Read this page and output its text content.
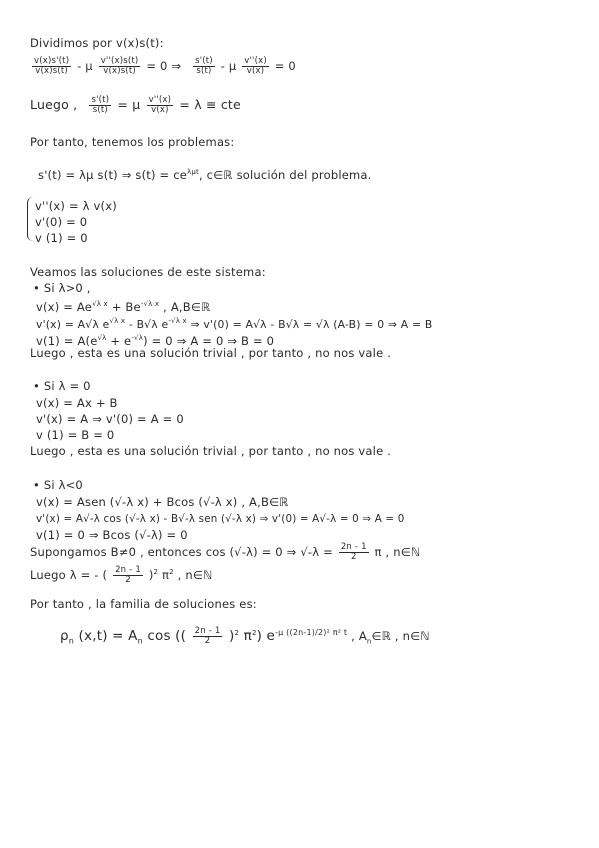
Dividimos por v(x)s(t):
$\frac{v(x)s'(t)}{v(x)s(t)} - \mu \frac{v''(x)s(t)}{v(x)s(t)} = 0$ ⇒ $\frac{s'(t)}{s(t)} - \mu \frac{v''(x)}{v(x)} = 0$
Luego , $\frac{s'(t)}{s(t)} = \mu \frac{v''(x)}{v(x)} = \lambda$ ≡ cte
Por tanto, tenemos los problemas:
s'(t) = λμ s(t) ⇒ $s(t) = ce^{\lambda\mu t}$, c∈ℝ solución del problema.
v''(x) = λ v(x)
v'(0) = 0
v (1) = 0
Veamos las soluciones de este sistema:
• Si λ>0 ,
$v(x) = Ae^{√\lambda x} + Be^{-√\lambda x}$ , A,B∈ℝ
v'(x) = A√λ $e^{√\lambda x} - B√\lambda$ $e^{-√\lambda x}$ ⇒ v'(0) = A√λ - B√λ = √λ (A-B) = 0 ⇒ A = B
$v(1) = A(e^{√\lambda} + e^{-√\lambda}) = 0$ ⇒ A = 0 ⇒ B = 0
Luego , esta es una solución trivial , por tanto , no nos vale .
• Si λ = 0
v(x) = Ax + B
v'(x) = A ⇒ v'(0) = A = 0
v (1) = B = 0
Luego , esta es una solución trivial , por tanto , no nos vale .
• Si λ<0
v(x) = Asen (√-λ x) + Bcos (√-λ x) , A,B∈ℝ
v'(x) = A√-λ cos (√-λ x) - B√-λ sen (√-λ x) ⇒ v'(0) = A√-λ = 0 ⇒ A = 0
v(1) = 0 ⇒ Bcos (√-λ) = 0
Supongamos B≠0 , entonces cos (√-λ) = 0 ⇒ $√-\lambda = \frac{2n - 1}{2}$ π , n∈ℕ
Luego λ = - ( $\frac{2n - 1}{2} )^2$ $\pi^2$ , n∈ℕ
Por tanto , la familia de soluciones es:
$\rho_n$ $(x,t) = A_n$ cos (( $\frac{2n - 1}{2} )^2$ $\pi^2$) $e^{-\mu ((2n-1)/2)^2 \pi^2 t}$ , $A_n\in ℝ$ , n∈ℕ
